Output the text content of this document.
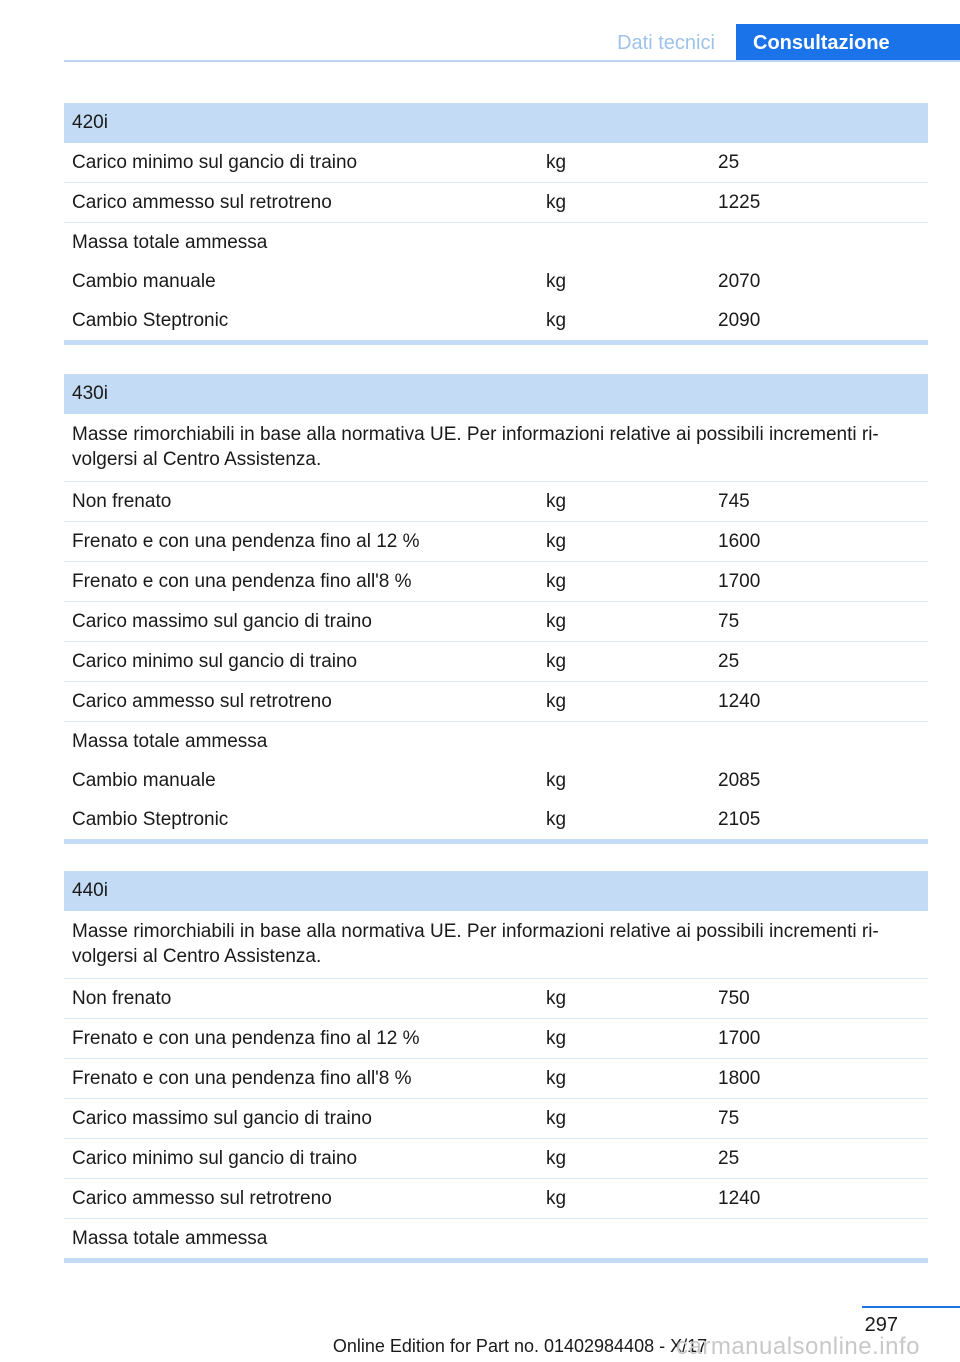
Dati tecnici	Consultazione
420i
Carico minimo sul gancio di traino	kg	25
Carico ammesso sul retrotreno	kg	1225
Massa totale ammessa
Cambio manuale	kg	2070
Cambio Steptronic	kg	2090
430i
Masse rimorchiabili in base alla normativa UE. Per informazioni relative ai possibili incrementi ri-volgersi al Centro Assistenza.
Non frenato	kg	745
Frenato e con una pendenza fino al 12 %	kg	1600
Frenato e con una pendenza fino all'8 %	kg	1700
Carico massimo sul gancio di traino	kg	75
Carico minimo sul gancio di traino	kg	25
Carico ammesso sul retrotreno	kg	1240
Massa totale ammessa
Cambio manuale	kg	2085
Cambio Steptronic	kg	2105
440i
Masse rimorchiabili in base alla normativa UE. Per informazioni relative ai possibili incrementi ri-volgersi al Centro Assistenza.
Non frenato	kg	750
Frenato e con una pendenza fino al 12 %	kg	1700
Frenato e con una pendenza fino all'8 %	kg	1800
Carico massimo sul gancio di traino	kg	75
Carico minimo sul gancio di traino	kg	25
Carico ammesso sul retrotreno	kg	1240
Massa totale ammessa
297
Online Edition for Part no. 01402984408 - X/17
carmanualsonline.info
